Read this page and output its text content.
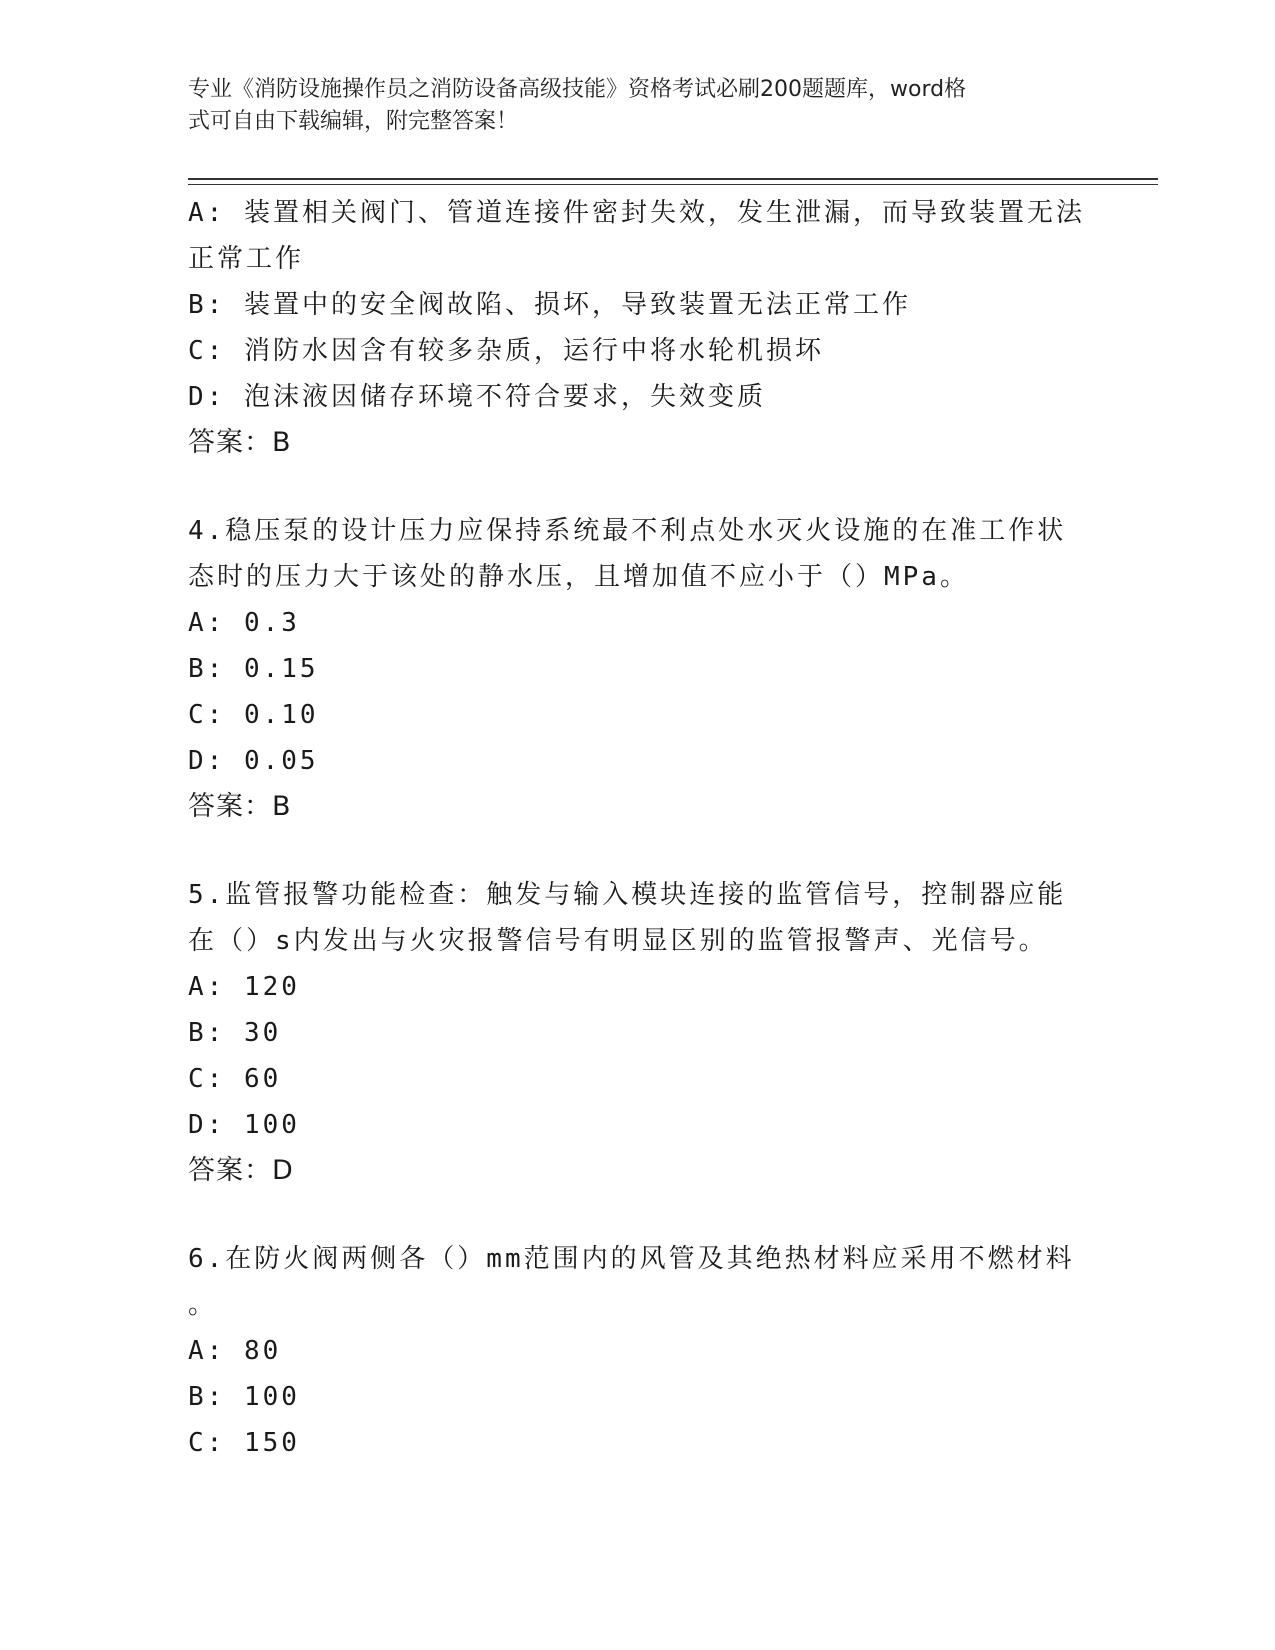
专业《消防设施操作员之消防设备高级技能》资格考试必刷200题题库，word格
式可自由下载编辑，附完整答案！
A: 装置相关阀门、管道连接件密封失效，发生泄漏，而导致装置无法
正常工作
B: 装置中的安全阀故陷、损坏，导致装置无法正常工作
C: 消防水因含有较多杂质，运行中将水轮机损坏
D: 泡沫液因储存环境不符合要求，失效变质
答案：B
4.稳压泵的设计压力应保持系统最不利点处水灭火设施的在准工作状
态时的压力大于该处的静水压，且增加值不应小于（）MPa。
A: 0.3
B: 0.15
C: 0.10
D: 0.05
答案：B
5.监管报警功能检查：触发与输入模块连接的监管信号，控制器应能
在（）s内发出与火灾报警信号有明显区别的监管报警声、光信号。
A: 120
B: 30
C: 60
D: 100
答案：D
6.在防火阀两侧各（）mm范围内的风管及其绝热材料应采用不燃材料
。
A: 80
B: 100
C: 150
